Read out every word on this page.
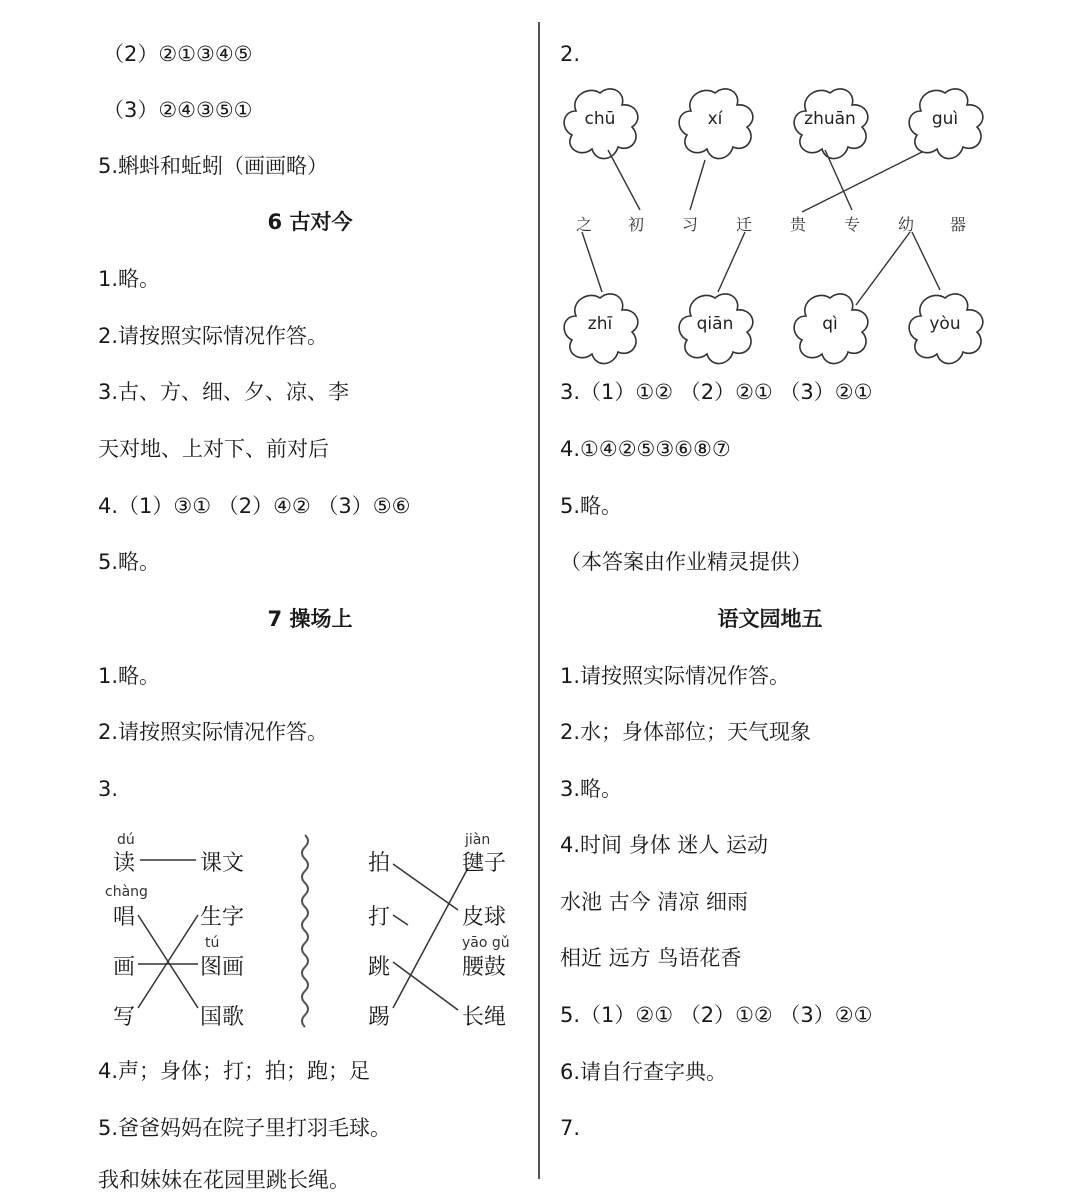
（2）②①③④⑤
（3）②④③⑤①
5.蝌蚪和蚯蚓（画画略）
6 古对今
1.略。
2.请按照实际情况作答。
3.古、方、细、夕、凉、李
天对地、上对下、前对后
4.（1）③① （2）④② （3）⑤⑥
5.略。
7 操场上
1.略。
2.请按照实际情况作答。
3.
dú
读	课文
chàng
唱	生字
tú
画	图画
写	国歌
jiàn
拍	毽子
打	皮球
yāo gǔ
跳	腰鼓
踢	长绳
4.声；身体；打；拍；跑；足
5.爸爸妈妈在院子里打羽毛球。
我和妹妹在花园里跳长绳。
2.
chū	xí	zhuān	guì
之 初 习 迁 贵 专 幼 器
zhī	qiān	qì	yòu
3.（1）①② （2）②① （3）②①
4.①④②⑤③⑥⑧⑦
5.略。
（本答案由作业精灵提供）
语文园地五
1.请按照实际情况作答。
2.水；身体部位；天气现象
3.略。
4.时间 身体 迷人 运动
水池 古今 清凉 细雨
相近 远方 鸟语花香
5.（1）②① （2）①② （3）②①
6.请自行查字典。
7.
